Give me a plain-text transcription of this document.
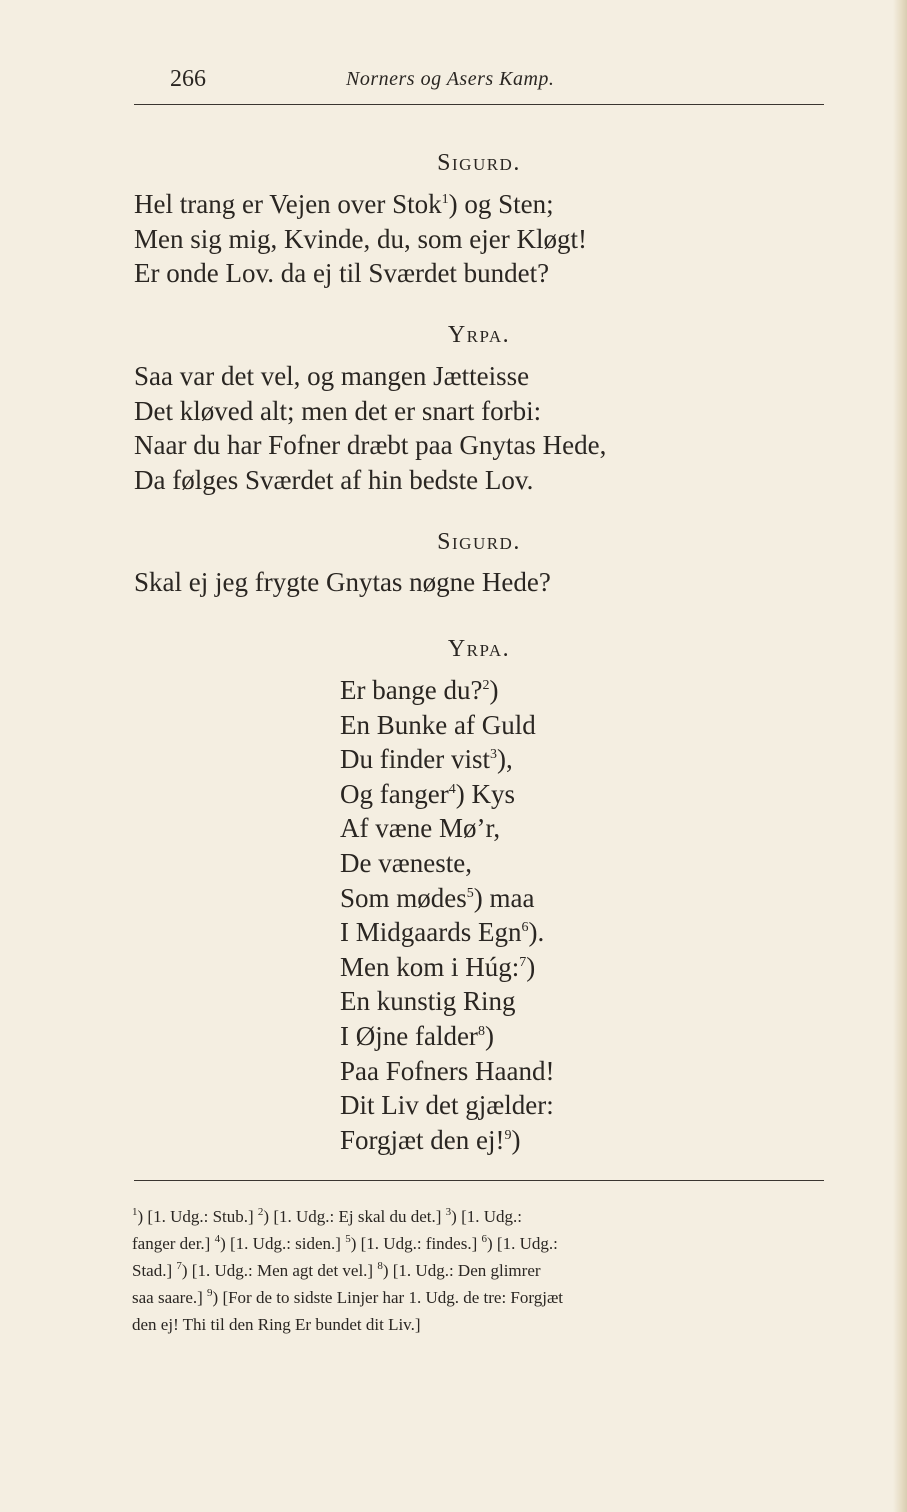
266	Norners og Asers Kamp.
Sigurd.
Hel trang er Vejen over Stok$^1$) og Sten;
Men sig mig, Kvinde, du, som ejer Kløgt!
Er onde Lov. da ej til Sværdet bundet?
Yrpa.
Saa var det vel, og mangen Jætteisse
Det kløved alt; men det er snart forbi:
Naar du har Fofner dræbt paa Gnytas Hede,
Da følges Sværdet af hin bedste Lov.
Sigurd.
Skal ej jeg frygte Gnytas nøgne Hede?
Yrpa.
Er bange du?$^2$)
En Bunke af Guld
Du finder vist$^3$),
Og fanger$^4$) Kys
Af væne Mø’r,
De væneste,
Som mødes$^5$) maa
I Midgaards Egn$^6$).
Men kom i Húg:$^7$)
En kunstig Ring
I Øjne falder$^8$)
Paa Fofners Haand!
Dit Liv det gjælder:
Forgjæt den ej!$^9$)
$^1$) [1. Udg.: Stub.] $^2$) [1. Udg.: Ej skal du det.] $^3$) [1. Udg.:
fanger der.] $^4$) [1. Udg.: siden.] $^5$) [1. Udg.: findes.] $^6$) [1. Udg.:
Stad.] $^7$) [1. Udg.: Men agt det vel.] $^8$) [1. Udg.: Den glimrer
saa saare.] $^9$) [For de to sidste Linjer har 1. Udg. de tre: Forgjæt
den ej! Thi til den Ring Er bundet dit Liv.]
